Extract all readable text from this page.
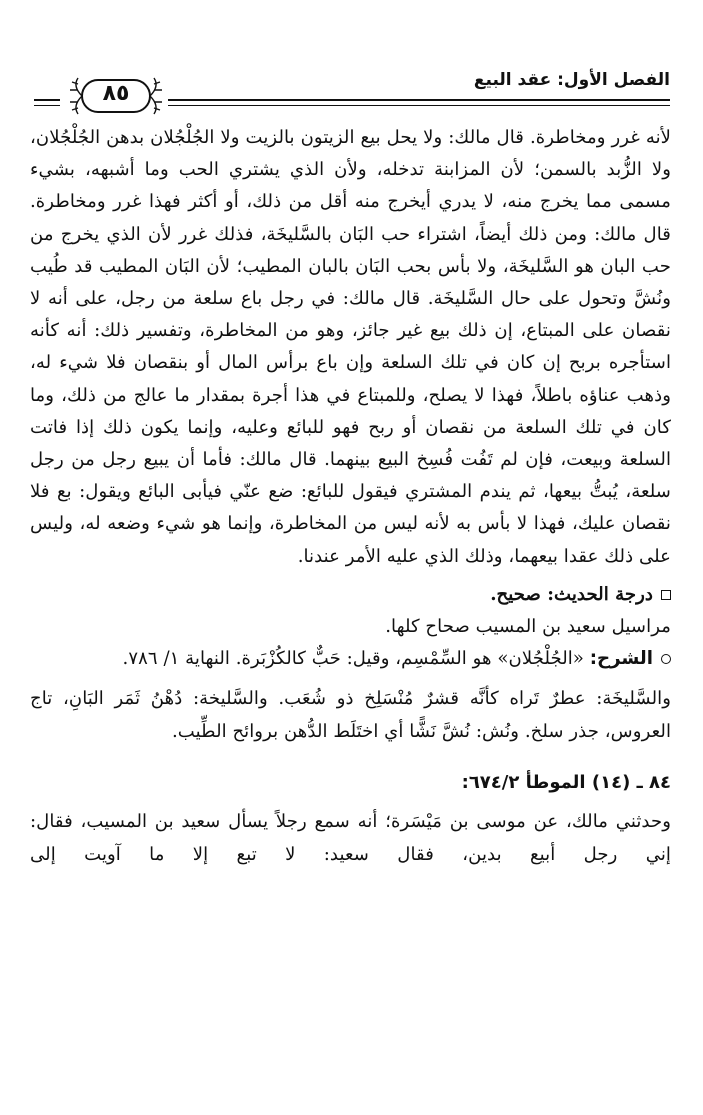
الفصل الأول: عقد البيع
٨٥

لأنه غرر ومخاطرة. قال مالك: ولا يحل بيع الزيتون بالزيت ولا الجُلْجُلان بدهن الجُلْجُلان، ولا الزُّبد بالسمن؛ لأن المزابنة تدخله، ولأن الذي يشتري الحب وما أشبهه، بشيء مسمى مما يخرج منه، لا يدري أيخرج منه أقل من ذلك، أو أكثر فهذا غرر ومخاطرة. قال مالك: ومن ذلك أيضاً، اشتراء حب البَان بالسَّليخَة، فذلك غرر لأن الذي يخرج من حب البان هو السَّليخَة، ولا بأس بحب البَان بالبان المطيب؛ لأن البَان المطيب قد طُيب ونُشَّ وتحول على حال السَّليخَة. قال مالك: في رجل باع سلعة من رجل، على أنه لا نقصان على المبتاع، إن ذلك بيع غير جائز، وهو من المخاطرة، وتفسير ذلك: أنه كأنه استأجره بربح إن كان في تلك السلعة وإن باع برأس المال أو بنقصان فلا شيء له، وذهب عناؤه باطلاً، فهذا لا يصلح، وللمبتاع في هذا أجرة بمقدار ما عالج من ذلك، وما كان في تلك السلعة من نقصان أو ربح فهو للبائع وعليه، وإنما يكون ذلك إذا فاتت السلعة وبيعت، فإن لم تَفُت فُسِخ البيع بينهما. قال مالك: فأما أن يبيع رجل من رجل سلعة، يُبتُّ بيعها، ثم يندم المشتري فيقول للبائع: ضع عنّي فيأبى البائع ويقول: بع فلا نقصان عليك، فهذا لا بأس به لأنه ليس من المخاطرة، وإنما هو شيء وضعه له، وليس على ذلك عقدا بيعهما، وذلك الذي عليه الأمر عندنا.

درجة الحديث: صحيح.

مراسيل سعيد بن المسيب صحاح كلها.

الشرح: «الجُلْجُلان» هو السِّمْسِم، وقيل: حَبٌّ كالكُزْبَرة. النهاية ١/ ٧٨٦.

والسَّليخَة: عطرٌ تَراه كأنَّه قشرٌ مُنْسَلِخ ذو شُعَب. والسَّليخة: دُهْنُ ثَمَر البَانِ، تاج العروس، جذر سلخ. ونُش: نُشَّ نَشًّا أي اختَلَط الدُّهن بروائح الطِّيب.

٨٤ ـ (١٤) الموطأ ٦٧٤/٢:

وحدثني مالك، عن موسى بن مَيْسَرة؛ أنه سمع رجلاً يسأل سعيد بن المسيب، فقال: إني رجل أبيع بدين، فقال سعيد: لا تبع إلا ما آويت إلى
